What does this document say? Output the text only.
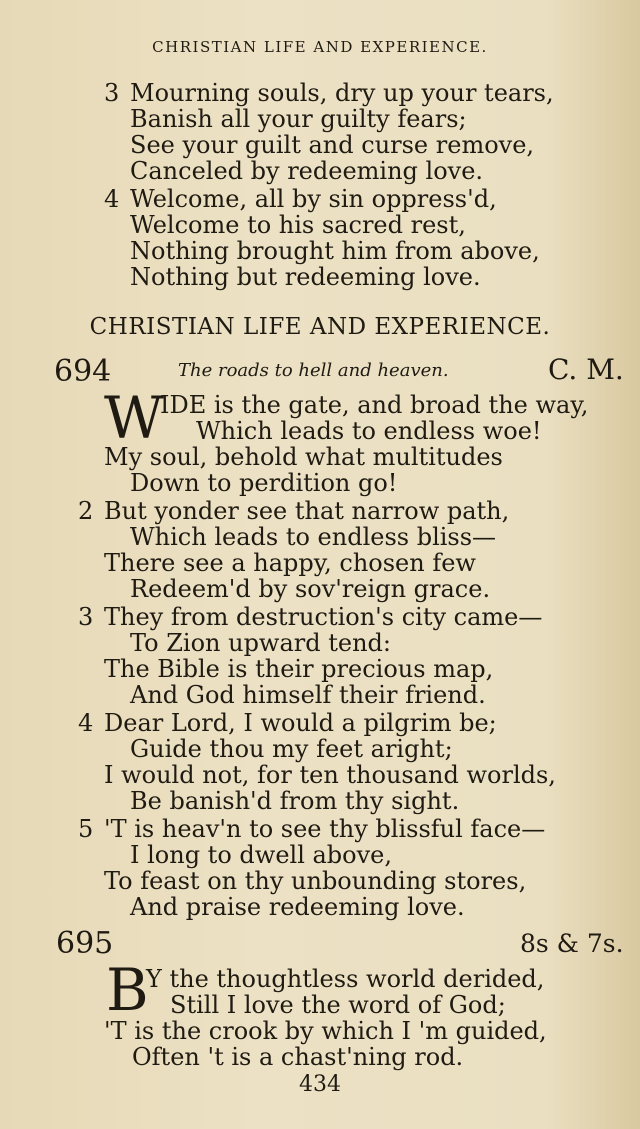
CHRISTIAN LIFE AND EXPERIENCE.
3 Mourning souls, dry up your tears,
Banish all your guilty fears;
See your guilt and curse remove,
Canceled by redeeming love.
4 Welcome, all by sin oppress'd,
Welcome to his sacred rest,
Nothing brought him from above,
Nothing but redeeming love.
CHRISTIAN LIFE AND EXPERIENCE.
694	The roads to hell and heaven.	C. M.
W
IDE is the gate, and broad the way,
Which leads to endless woe!
My soul, behold what multitudes
Down to perdition go!
2 But yonder see that narrow path,
Which leads to endless bliss—
There see a happy, chosen few
Redeem'd by sov'reign grace.
3 They from destruction's city came—
To Zion upward tend:
The Bible is their precious map,
And God himself their friend.
4 Dear Lord, I would a pilgrim be;
Guide thou my feet aright;
I would not, for ten thousand worlds,
Be banish'd from thy sight.
5 'T is heav'n to see thy blissful face—
I long to dwell above,
To feast on thy unbounding stores,
And praise redeeming love.
695	8s & 7s.
B
Y the thoughtless world derided,
Still I love the word of God;
'T is the crook by which I 'm guided,
Often 't is a chast'ning rod.
434
